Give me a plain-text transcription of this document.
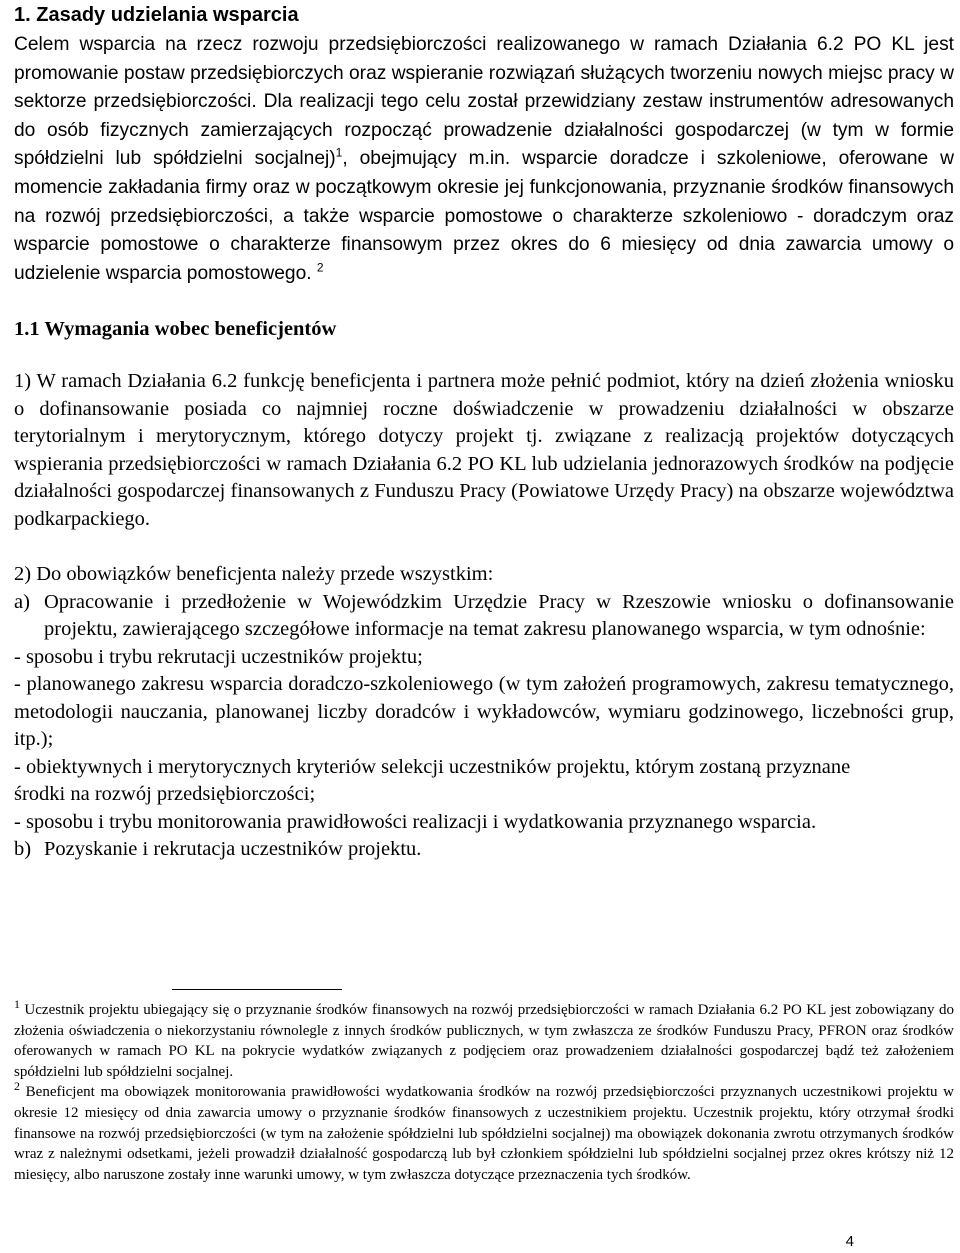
1. Zasady udzielania wsparcia

Celem wsparcia na rzecz rozwoju przedsiębiorczości realizowanego w ramach Działania 6.2 PO KL jest promowanie postaw przedsiębiorczych oraz wspieranie rozwiązań służących tworzeniu nowych miejsc pracy w sektorze przedsiębiorczości. Dla realizacji tego celu został przewidziany zestaw instrumentów adresowanych do osób fizycznych zamierzających rozpocząć prowadzenie działalności gospodarczej (w tym w formie spółdzielni lub spółdzielni socjalnej)$^1$, obejmujący m.in. wsparcie doradcze i szkoleniowe, oferowane w momencie zakładania firmy oraz w początkowym okresie jej funkcjonowania, przyznanie środków finansowych na rozwój przedsiębiorczości, a także wsparcie pomostowe o charakterze szkoleniowo - doradczym oraz wsparcie pomostowe o charakterze finansowym przez okres do 6 miesięcy od dnia zawarcia umowy o udzielenie wsparcia pomostowego. $^2$

1.1 Wymagania wobec beneficjentów

1) W ramach Działania 6.2 funkcję beneficjenta i partnera może pełnić podmiot, który na dzień złożenia wniosku o dofinansowanie posiada co najmniej roczne doświadczenie w prowadzeniu działalności w obszarze terytorialnym i merytorycznym, którego dotyczy projekt tj. związane z realizacją projektów dotyczących wspierania przedsiębiorczości w ramach Działania 6.2 PO KL lub udzielania jednorazowych środków na podjęcie działalności gospodarczej finansowanych z Funduszu Pracy (Powiatowe Urzędy Pracy) na obszarze województwa podkarpackiego.

2) Do obowiązków beneficjenta należy przede wszystkim:

a) Opracowanie i przedłożenie w Wojewódzkim Urzędzie Pracy w Rzeszowie wniosku o dofinansowanie projektu, zawierającego szczegółowe informacje na temat zakresu planowanego wsparcia, w tym odnośnie:
- sposobu i trybu rekrutacji uczestników projektu;
- planowanego zakresu wsparcia doradczo-szkoleniowego (w tym założeń programowych, zakresu tematycznego, metodologii nauczania, planowanej liczby doradców i wykładowców, wymiaru godzinowego, liczebności grup, itp.);
- obiektywnych i merytorycznych kryteriów selekcji uczestników projektu, którym zostaną przyznane środki na rozwój przedsiębiorczości;
- sposobu i trybu monitorowania prawidłowości realizacji i wydatkowania przyznanego wsparcia.
b) Pozyskanie i rekrutacja uczestników projektu.

$^1$ Uczestnik projektu ubiegający się o przyznanie środków finansowych na rozwój przedsiębiorczości w ramach Działania 6.2 PO KL jest zobowiązany do złożenia oświadczenia o niekorzystaniu równolegle z innych środków publicznych, w tym zwłaszcza ze środków Funduszu Pracy, PFRON oraz środków oferowanych w ramach PO KL na pokrycie wydatków związanych z podjęciem oraz prowadzeniem działalności gospodarczej bądź też założeniem spółdzielni lub spółdzielni socjalnej.

$^2$ Beneficjent ma obowiązek monitorowania prawidłowości wydatkowania środków na rozwój przedsiębiorczości przyznanych uczestnikowi projektu w okresie 12 miesięcy od dnia zawarcia umowy o przyznanie środków finansowych z uczestnikiem projektu. Uczestnik projektu, który otrzymał środki finansowe na rozwój przedsiębiorczości (w tym na założenie spółdzielni lub spółdzielni socjalnej) ma obowiązek dokonania zwrotu otrzymanych środków wraz z należnymi odsetkami, jeżeli prowadził działalność gospodarczą lub był członkiem spółdzielni lub spółdzielni socjalnej przez okres krótszy niż 12 miesięcy, albo naruszone zostały inne warunki umowy, w tym zwłaszcza dotyczące przeznaczenia tych środków.

4
